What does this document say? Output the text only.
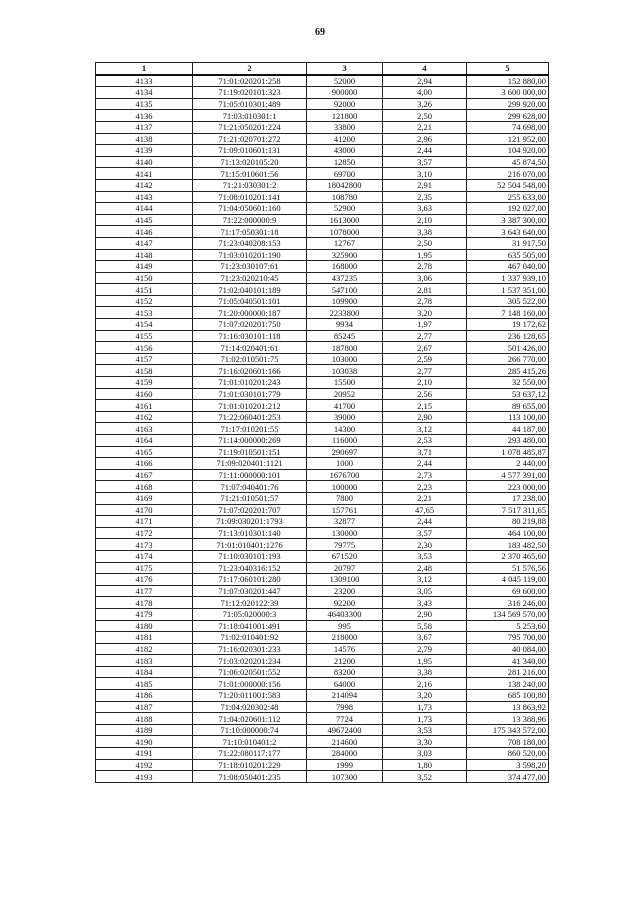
69
1	2	3	4	5
4133	71:01:020201:258	52000	2,94	152 880,00
4134	71:19:020101:323	900000	4,00	3 600 000,00
4135	71:05:010301:489	92000	3,26	299 920,00
4136	71:03:010301:1	121800	2,50	299 628,00
4137	71:21:050201:224	33800	2,21	74 698,00
4138	71:21:020701:272	41200	2,96	121 952,00
4139	71:09:010601:131	43000	2,44	104 920,00
4140	71:13:020105:20	12850	3,57	45 874,50
4141	71:15:010601:56	69700	3,10	216 070,00
4142	71:21:030301:2	18042800	2,91	52 504 548,00
4143	71:08:010201:141	108780	2,35	255 633,00
4144	71:04:050601:160	52900	3,63	192 027,00
4145	71:22:000000:9	1613000	2,10	3 387 300,00
4146	71:17:050301:18	1078000	3,38	3 643 640,00
4147	71:23:040208:153	12767	2,50	31 917,50
4148	71:03:010201:190	325900	1,95	635 505,00
4149	71:23:030107:61	168000	2,78	467 040,00
4150	71:23:020210:45	437235	3,06	1 337 939,10
4151	71:02:040101:189	547100	2,81	1 537 351,00
4152	71:05:040501:101	109900	2,78	305 522,00
4153	71:20:000000:187	2233800	3,20	7 148 160,00
4154	71:07:020201:750	9934	1,97	19 172,62
4155	71:16:030101:118	85245	2,77	236 128,65
4156	71:14:020401:61	187800	2,67	501 426,00
4157	71:02:010501:75	103000	2,59	266 770,00
4158	71:16:020601:166	103038	2,77	285 415,26
4159	71:01:010201:243	15500	2,10	32 550,00
4160	71:01:030101:779	20952	2,56	53 637,12
4161	71:01:010201:212	41700	2,15	89 655,00
4162	71:22:060401:253	39000	2,90	113 100,00
4163	71:17:010201:55	14300	3,12	44 187,00
4164	71:14:000000:269	116000	2,53	293 480,00
4165	71:19:010501:151	290697	3,71	1 078 485,87
4166	71:09:020401:1121	1000	2,44	2 440,00
4167	71:11:000000:101	1676700	2,73	4 577 391,00
4168	71:07:040401:76	100000	2,23	223 000,00
4169	71:21:010501:57	7800	2,21	17 238,00
4170	71:07:020201:707	157761	47,65	7 517 311,65
4171	71:09:030201:1793	32877	2,44	80 219,88
4172	71:13:010301:140	130000	3,57	464 100,00
4173	71:01:010401:1276	79775	2,30	183 482,50
4174	71:10:030101:193	671520	3,53	2 370 465,60
4175	71:23:040316:152	20797	2,48	51 576,56
4176	71:17:060101:280	1309100	3,12	4 045 119,00
4177	71:07:030201:447	23200	3,05	69 600,00
4178	71:12:020122:39	92200	3,43	316 246,00
4179	71:05:020000:3	46403300	2,90	134 569 570,00
4180	71:18:041001:491	995	5,58	5 253,60
4181	71:02:010401:92	218000	3,67	795 700,00
4182	71:16:020301:233	14576	2,79	40 084,00
4183	71:03:020201:234	21200	1,95	41 340,00
4184	71:06:020501:552	83200	3,38	281 216,00
4185	71:01:000000:156	64000	2,16	138 240,00
4186	71:20:011001:583	214094	3,20	685 100,80
4187	71:04:020302:48	7998	1,73	13 863,92
4188	71:04:020601:112	7724	1,73	13 388,96
4189	71:10:000000:74	49672400	3,53	175 343 572,00
4190	71:10:010401:2	214600	3,30	708 180,00
4191	71:22:080117:177	284000	3,03	860 520,00
4192	71:18:010201:229	1999	1,80	3 598,20
4193	71:08:050401:235	107300	3,52	374 477,00
